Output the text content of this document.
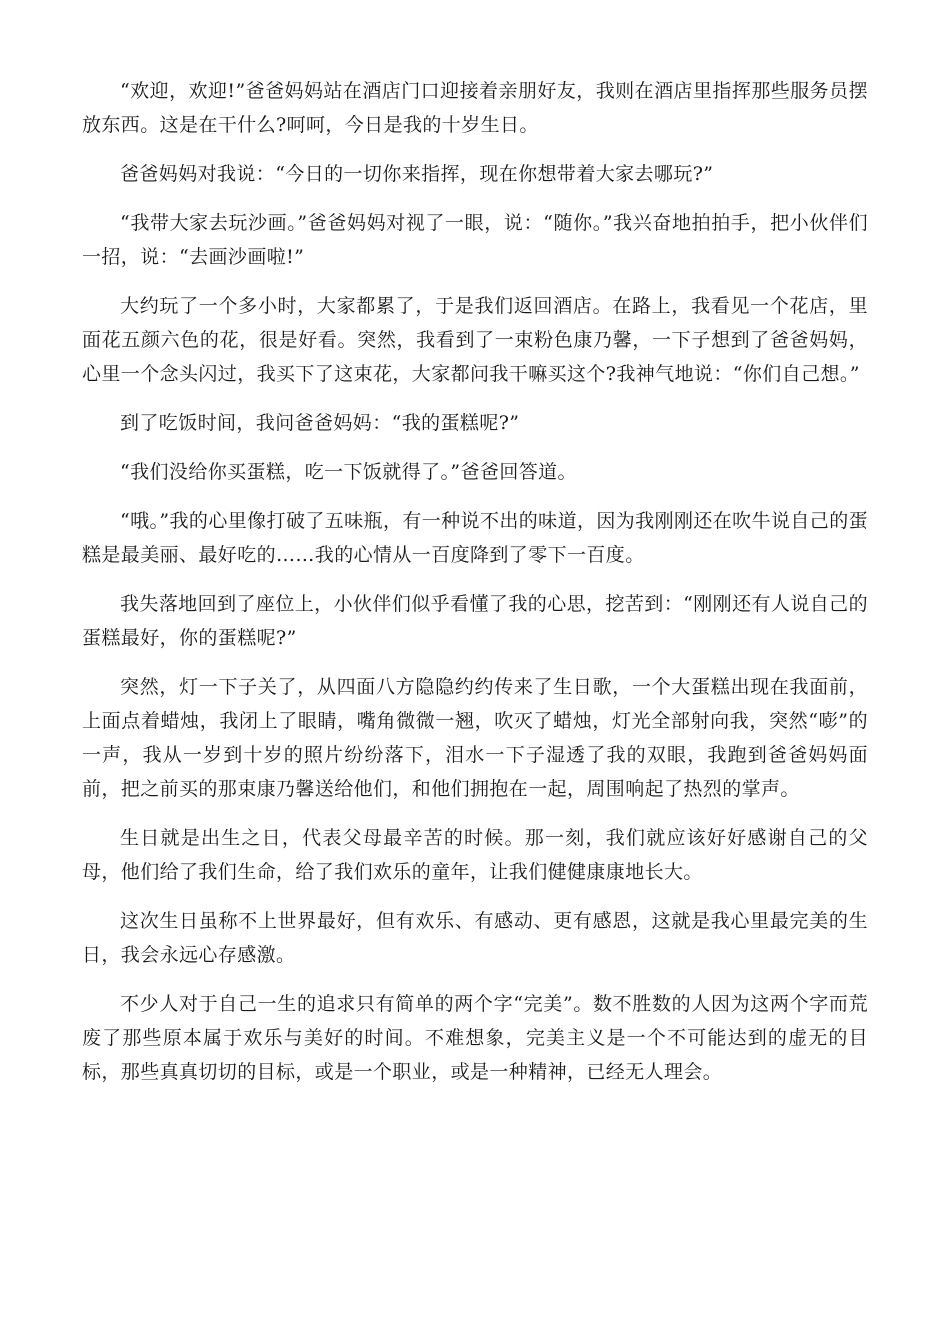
“欢迎，欢迎!”爸爸妈妈站在酒店门口迎接着亲朋好友，我则在酒店里指挥那些服务员摆放东西。这是在干什么?呵呵，今日是我的十岁生日。

爸爸妈妈对我说：“今日的一切你来指挥，现在你想带着大家去哪玩?”

“我带大家去玩沙画。”爸爸妈妈对视了一眼，说：“随你。”我兴奋地拍拍手，把小伙伴们一招，说：“去画沙画啦!”

大约玩了一个多小时，大家都累了，于是我们返回酒店。在路上，我看见一个花店，里面花五颜六色的花，很是好看。突然，我看到了一束粉色康乃馨，一下子想到了爸爸妈妈，心里一个念头闪过，我买下了这束花，大家都问我干嘛买这个?我神气地说：“你们自己想。”

到了吃饭时间，我问爸爸妈妈：“我的蛋糕呢?”

“我们没给你买蛋糕，吃一下饭就得了。”爸爸回答道。

“哦。”我的心里像打破了五味瓶，有一种说不出的味道，因为我刚刚还在吹牛说自己的蛋糕是最美丽、最好吃的……我的心情从一百度降到了零下一百度。

我失落地回到了座位上，小伙伴们似乎看懂了我的心思，挖苦到：“刚刚还有人说自己的蛋糕最好，你的蛋糕呢?”

突然，灯一下子关了，从四面八方隐隐约约传来了生日歌，一个大蛋糕出现在我面前，上面点着蜡烛，我闭上了眼睛，嘴角微微一翘，吹灭了蜡烛，灯光全部射向我，突然“嘭”的一声，我从一岁到十岁的照片纷纷落下，泪水一下子湿透了我的双眼，我跑到爸爸妈妈面前，把之前买的那束康乃馨送给他们，和他们拥抱在一起，周围响起了热烈的掌声。

生日就是出生之日，代表父母最辛苦的时候。那一刻，我们就应该好好感谢自己的父母，他们给了我们生命，给了我们欢乐的童年，让我们健健康康地长大。

这次生日虽称不上世界最好，但有欢乐、有感动、更有感恩，这就是我心里最完美的生日，我会永远心存感激。

不少人对于自己一生的追求只有简单的两个字“完美”。数不胜数的人因为这两个字而荒废了那些原本属于欢乐与美好的时间。不难想象，完美主义是一个不可能达到的虚无的目标，那些真真切切的目标，或是一个职业，或是一种精神，已经无人理会。
